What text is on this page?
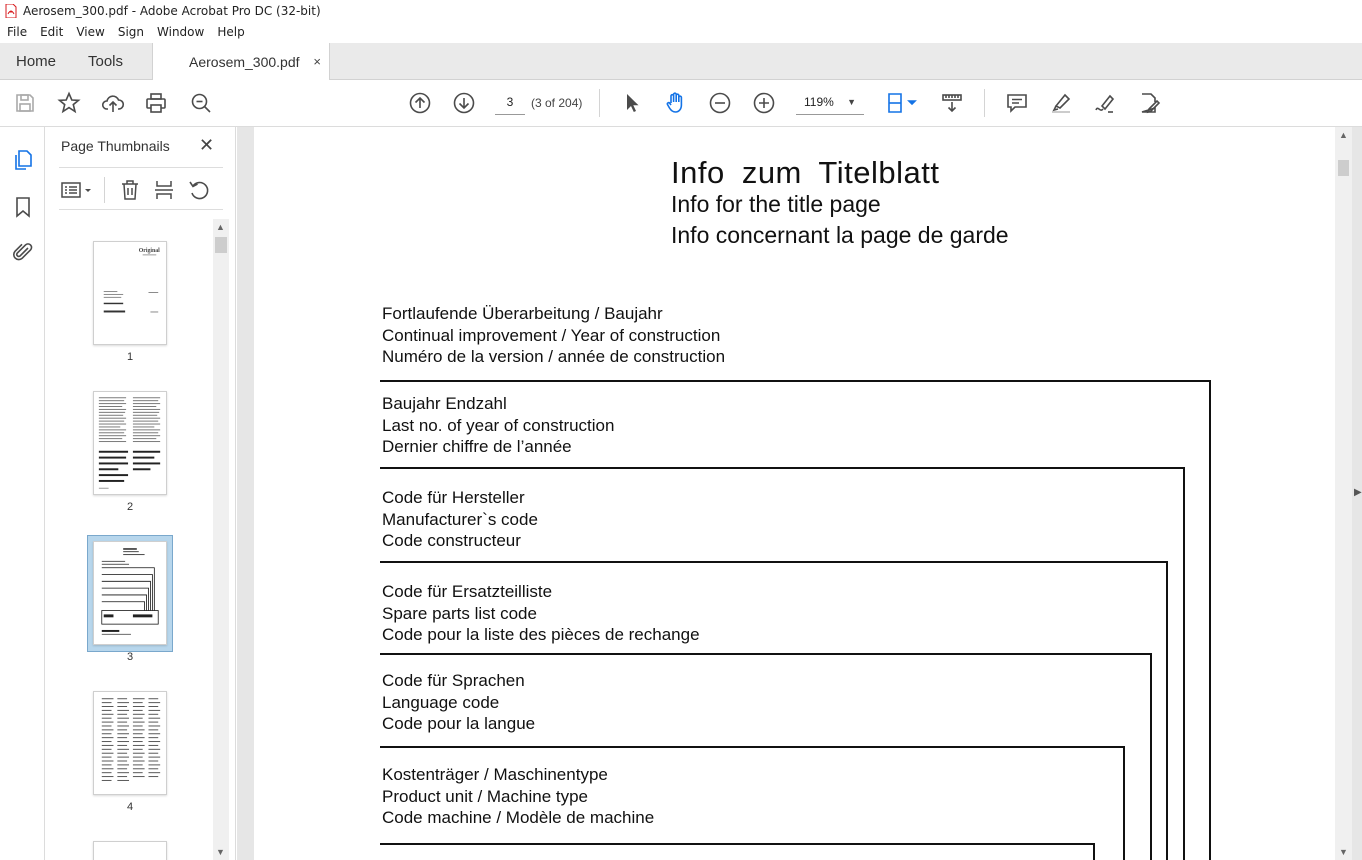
Aerosem_300.pdf - Adobe Acrobat Pro DC (32-bit)
File	Edit	View	Sign	Window	Help
Home Tools	Aerosem_300.pdf ×
3	(3 of 204)	119% ▼
Page Thumbnails ✕
Original
1
2
3
4
▲
▼
Info zum Titelblatt
Info for the title page
Info concernant la page de garde
Fortlaufende Überarbeitung / Baujahr
Continual improvement / Year of construction
Numéro de la version / année de construction
Baujahr Endzahl
Last no. of year of construction
Dernier chiffre de l’année
Code für Hersteller
Manufacturer`s code
Code constructeur
Code für Ersatzteilliste
Spare parts list code
Code pour la liste des pièces de rechange
Code für Sprachen
Language code
Code pour la langue
Kostenträger / Maschinentype
Product unit / Machine type
Code machine / Modèle de machine
▲
▼
▶
